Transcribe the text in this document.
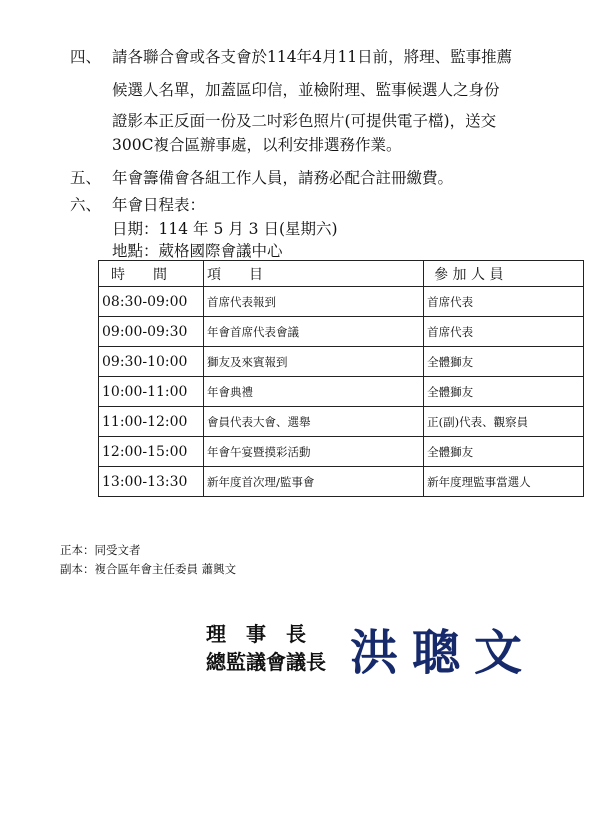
四、 請各聯合會或各支會於114年4月11日前，將理、監事推薦
候選人名單，加蓋區印信，並檢附理、監事候選人之身份
證影本正反面一份及二吋彩色照片(可提供電子檔)，送交
300C複合區辦事處，以利安排選務作業。
五、 年會籌備會各組工作人員，請務必配合註冊繳費。
六、 年會日程表：
日期：114 年 5 月 3 日(星期六)
地點：葳格國際會議中心
時　　間	項　　目	參 加 人 員
08:30-09:00	首席代表報到	首席代表
09:00-09:30	年會首席代表會議	首席代表
09:30-10:00	獅友及來賓報到	全體獅友
10:00-11:00	年會典禮	全體獅友
11:00-12:00	會員代表大會、選舉	正(副)代表、觀察員
12:00-15:00	年會午宴暨摸彩活動	全體獅友
13:00-13:30	新年度首次理/監事會	新年度理監事當選人
正本：同受文者
副本：複合區年會主任委員 蕭興文
理　事　長
總監議會議長 洪聰文
